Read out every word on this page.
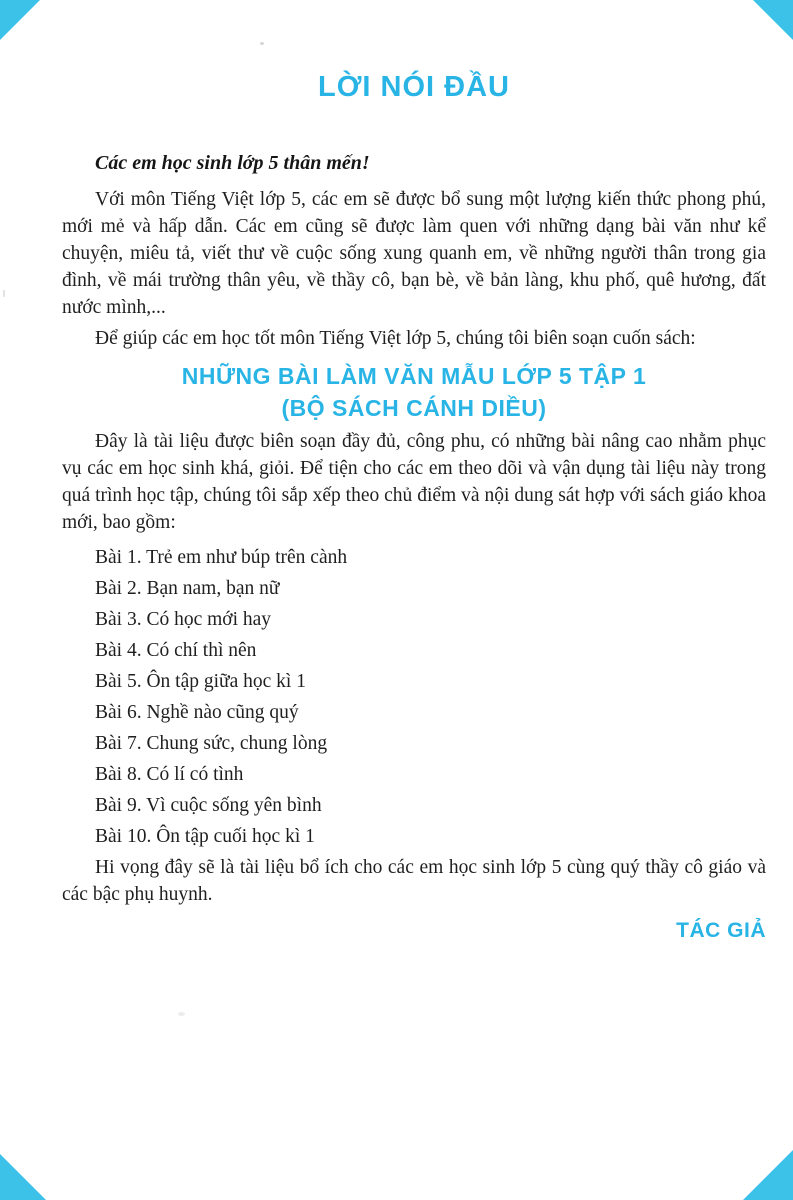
LỜI NÓI ĐẦU

Các em học sinh lớp 5 thân mến!

Với môn Tiếng Việt lớp 5, các em sẽ được bổ sung một lượng kiến thức phong phú, mới mẻ và hấp dẫn. Các em cũng sẽ được làm quen với những dạng bài văn như kể chuyện, miêu tả, viết thư về cuộc sống xung quanh em, về những người thân trong gia đình, về mái trường thân yêu, về thầy cô, bạn bè, về bản làng, khu phố, quê hương, đất nước mình,...

Để giúp các em học tốt môn Tiếng Việt lớp 5, chúng tôi biên soạn cuốn sách:

NHỮNG BÀI LÀM VĂN MẪU LỚP 5 TẬP 1
(BỘ SÁCH CÁNH DIỀU)

Đây là tài liệu được biên soạn đầy đủ, công phu, có những bài nâng cao nhằm phục vụ các em học sinh khá, giỏi. Để tiện cho các em theo dõi và vận dụng tài liệu này trong quá trình học tập, chúng tôi sắp xếp theo chủ điểm và nội dung sát hợp với sách giáo khoa mới, bao gồm:

Bài 1. Trẻ em như búp trên cành
Bài 2. Bạn nam, bạn nữ
Bài 3. Có học mới hay
Bài 4. Có chí thì nên
Bài 5. Ôn tập giữa học kì 1
Bài 6. Nghề nào cũng quý
Bài 7. Chung sức, chung lòng
Bài 8. Có lí có tình
Bài 9. Vì cuộc sống yên bình
Bài 10. Ôn tập cuối học kì 1

Hi vọng đây sẽ là tài liệu bổ ích cho các em học sinh lớp 5 cùng quý thầy cô giáo và các bậc phụ huynh.

TÁC GIẢ
